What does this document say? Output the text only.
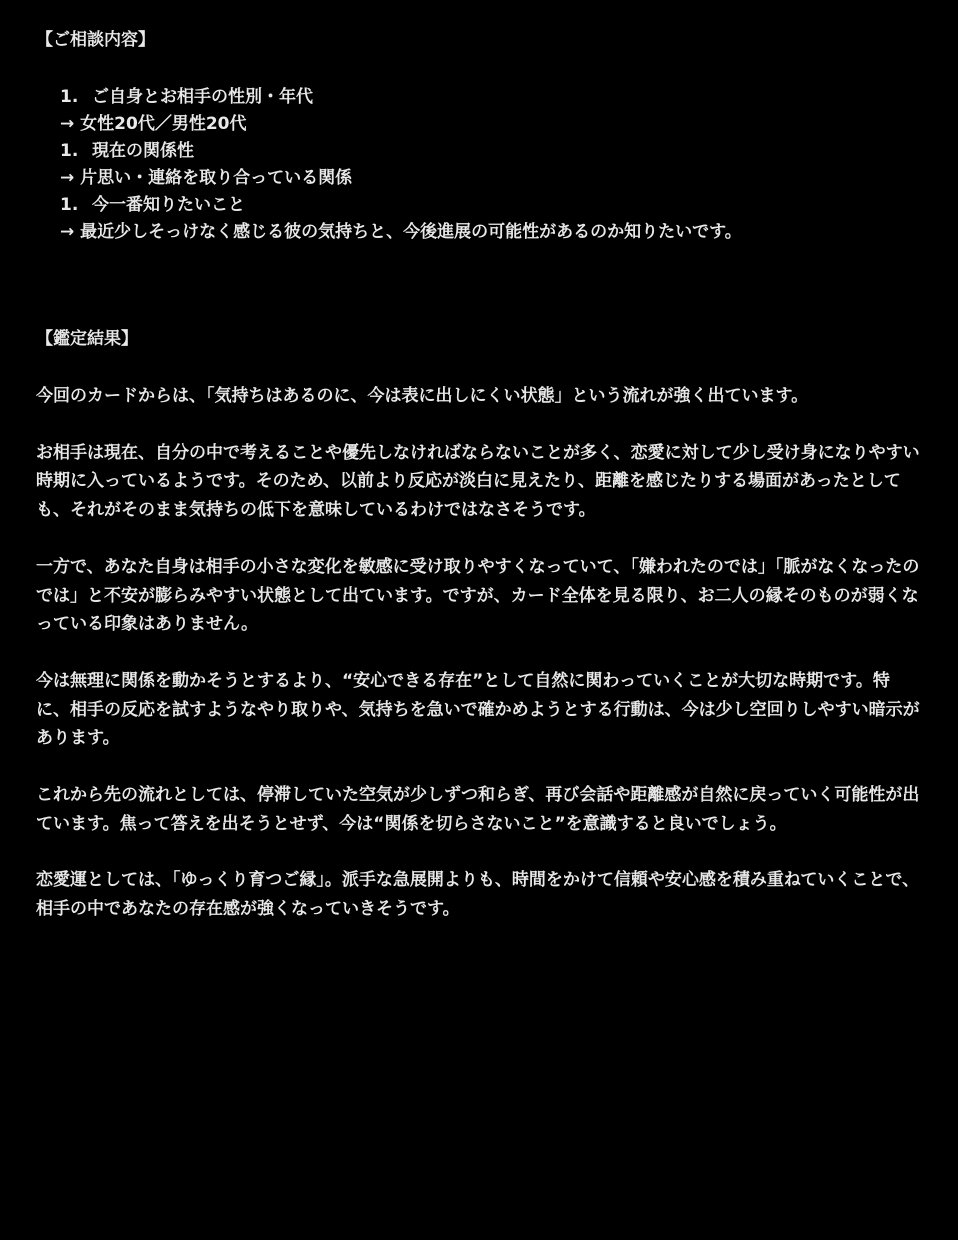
【ご相談内容】
1. ご自身とお相手の性別・年代
→ 女性20代／男性20代
1. 現在の関係性
→ 片思い・連絡を取り合っている関係
1. 今一番知りたいこと
→ 最近少しそっけなく感じる彼の気持ちと、今後進展の可能性があるのか知りたいです。
【鑑定結果】

今回のカードからは、「気持ちはあるのに、今は表に出しにくい状態」という流れが強く出ています。

お相手は現在、自分の中で考えることや優先しなければならないことが多く、恋愛に対して少し受け身になりやすい時期に入っているようです。そのため、以前より反応が淡白に見えたり、距離を感じたりする場面があったとしても、それがそのまま気持ちの低下を意味しているわけではなさそうです。

一方で、あなた自身は相手の小さな変化を敏感に受け取りやすくなっていて、「嫌われたのでは」「脈がなくなったのでは」と不安が膨らみやすい状態として出ています。ですが、カード全体を見る限り、お二人の縁そのものが弱くなっている印象はありません。

今は無理に関係を動かそうとするより、“安心できる存在”として自然に関わっていくことが大切な時期です。特に、相手の反応を試すようなやり取りや、気持ちを急いで確かめようとする行動は、今は少し空回りしやすい暗示があります。

これから先の流れとしては、停滞していた空気が少しずつ和らぎ、再び会話や距離感が自然に戻っていく可能性が出ています。焦って答えを出そうとせず、今は“関係を切らさないこと”を意識すると良いでしょう。

恋愛運としては、「ゆっくり育つご縁」。派手な急展開よりも、時間をかけて信頼や安心感を積み重ねていくことで、相手の中であなたの存在感が強くなっていきそうです。
